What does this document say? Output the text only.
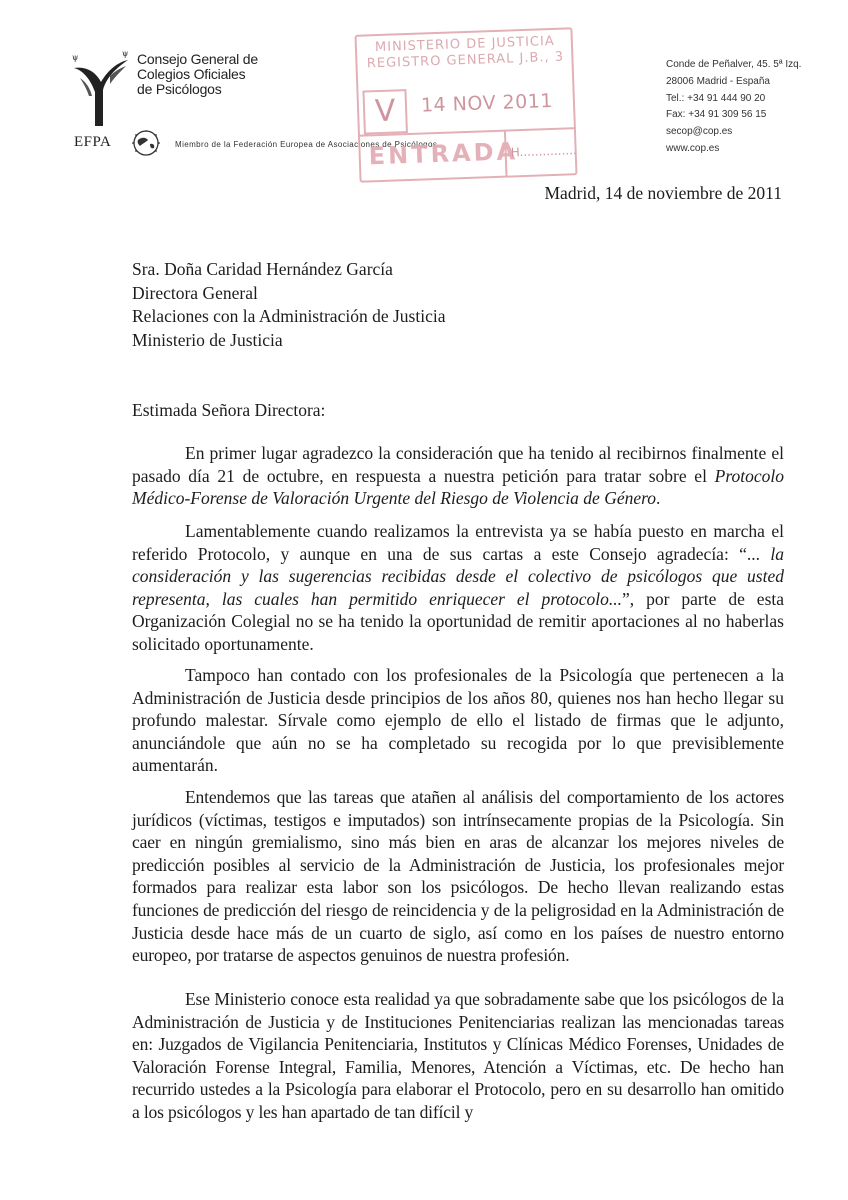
ψ	ψ Consejo General de
Colegios Oficiales
de Psicólogos
EFPA	Miembro de la Federación Europea de Asociaciones de Psicólogos
MINISTERIO DE JUSTICIA
REGISTRO GENERAL J.B., 3
V	14 NOV 2011
ENTRADA
H...............
Conde de Peñalver, 45. 5ª Izq.
28006 Madrid - España
Tel.: +34 91 444 90 20
Fax: +34 91 309 56 15
secop@cop.es
www.cop.es
Madrid, 14 de noviembre de 2011
Sra. Doña Caridad Hernández García
Directora General
Relaciones con la Administración de Justicia
Ministerio de Justicia
Estimada Señora Directora:

En primer lugar agradezco la consideración que ha tenido al recibirnos finalmente el pasado día 21 de octubre, en respuesta a nuestra petición para tratar sobre el Protocolo Médico-Forense de Valoración Urgente del Riesgo de Violencia de Género.

Lamentablemente cuando realizamos la entrevista ya se había puesto en marcha el referido Protocolo, y aunque en una de sus cartas a este Consejo agradecía: “... la consideración y las sugerencias recibidas desde el colectivo de psicólogos que usted representa, las cuales han permitido enriquecer el protocolo...”, por parte de esta Organización Colegial no se ha tenido la oportunidad de remitir aportaciones al no haberlas solicitado oportunamente.

Tampoco han contado con los profesionales de la Psicología que pertenecen a la Administración de Justicia desde principios de los años 80, quienes nos han hecho llegar su profundo malestar. Sírvale como ejemplo de ello el listado de firmas que le adjunto, anunciándole que aún no se ha completado su recogida por lo que previsiblemente aumentarán.

Entendemos que las tareas que atañen al análisis del comportamiento de los actores jurídicos (víctimas, testigos e imputados) son intrínsecamente propias de la Psicología. Sin caer en ningún gremialismo, sino más bien en aras de alcanzar los mejores niveles de predicción posibles al servicio de la Administración de Justicia, los profesionales mejor formados para realizar esta labor son los psicólogos. De hecho llevan realizando estas funciones de predicción del riesgo de reincidencia y de la peligrosidad en la Administración de Justicia desde hace más de un cuarto de siglo, así como en los países de nuestro entorno europeo, por tratarse de aspectos genuinos de nuestra profesión.

Ese Ministerio conoce esta realidad ya que sobradamente sabe que los psicólogos de la Administración de Justicia y de Instituciones Penitenciarias realizan las mencionadas tareas en: Juzgados de Vigilancia Penitenciaria, Institutos y Clínicas Médico Forenses, Unidades de Valoración Forense Integral, Familia, Menores, Atención a Víctimas, etc. De hecho han recurrido ustedes a la Psicología para elaborar el Protocolo, pero en su desarrollo han omitido a los psicólogos y les han apartado de tan difícil y
